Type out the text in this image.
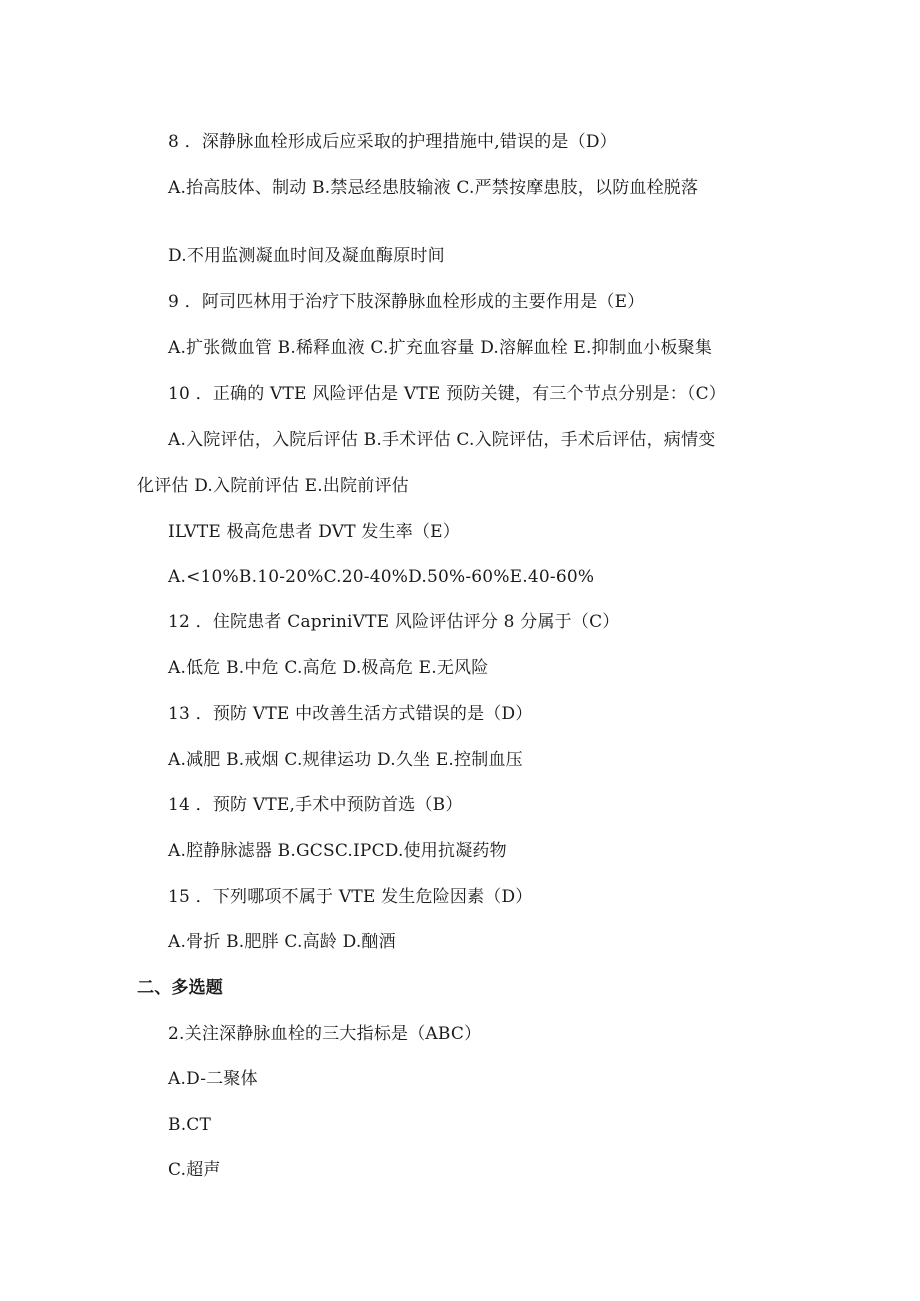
8 ．深静脉血栓形成后应采取的护理措施中,错误的是（D）
A.抬高肢体、制动 B.禁忌经患肢输液 C.严禁按摩患肢，以防血栓脱落
D.不用监测凝血时间及凝血酶原时间
9 ．阿司匹林用于治疗下肢深静脉血栓形成的主要作用是（E）
A.扩张微血管 B.稀释血液 C.扩充血容量 D.溶解血栓 E.抑制血小板聚集
10 ．正确的 VTE 风险评估是 VTE 预防关键，有三个节点分别是：（C）
A.入院评估，入院后评估 B.手术评估 C.入院评估，手术后评估，病情变
化评估 D.入院前评估 E.出院前评估
ILVTE 极高危患者 DVT 发生率（E）
A.<10%B.10-20%C.20-40%D.50%-60%E.40-60%
12 ．住院患者 CapriniVTE 风险评估评分 8 分属于（C）
A.低危 B.中危 C.高危 D.极高危 E.无风险
13 ．预防 VTE 中改善生活方式错误的是（D）
A.减肥 B.戒烟 C.规律运功 D.久坐 E.控制血压
14 ．预防 VTE,手术中预防首选（B）
A.腔静脉滤器 B.GCSC.IPCD.使用抗凝药物
15 ．下列哪项不属于 VTE 发生危险因素（D）
A.骨折 B.肥胖 C.高龄 D.酗酒
二、多选题
2.关注深静脉血栓的三大指标是（ABC）
A.D-二聚体
B.CT
C.超声
